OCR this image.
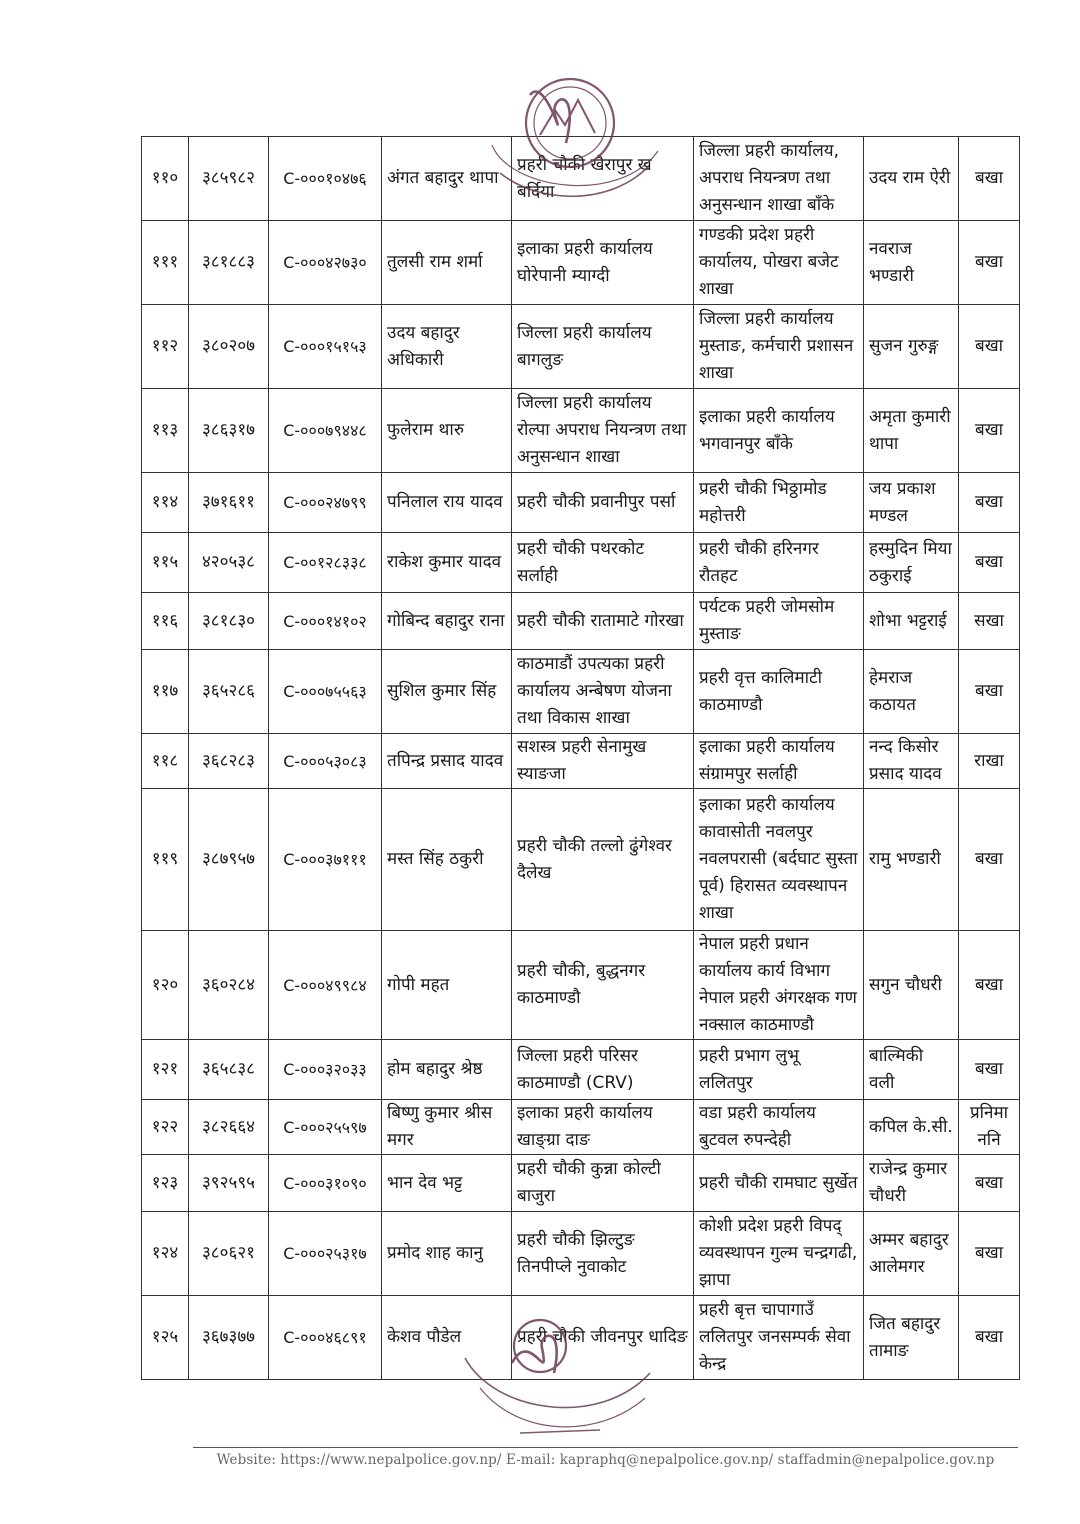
११०	३८५९८२	C-०००१०४७६	अंगत बहादुर थापा	प्रहरी चौकी खैरापुर ख बर्दिया	जिल्ला प्रहरी कार्यालय, अपराध नियन्त्रण तथा अनुसन्धान शाखा बाँके	उदय राम ऐरी	बखा
१११	३८१८८३	C-०००४२७३०	तुलसी राम शर्मा	इलाका प्रहरी कार्यालय घोरेपानी म्याग्दी	गण्डकी प्रदेश प्रहरी कार्यालय, पोखरा बजेट शाखा	नवराज भण्डारी	बखा
११२	३८०२०७	C-०००१५१५३	उदय बहादुर अधिकारी	जिल्ला प्रहरी कार्यालय बागलुङ	जिल्ला प्रहरी कार्यालय मुस्ताङ, कर्मचारी प्रशासन शाखा	सुजन गुरुङ्ग	बखा
११३	३८६३१७	C-०००७९४४८	फुलेराम थारु	जिल्ला प्रहरी कार्यालय रोल्पा अपराध नियन्त्रण तथा अनुसन्धान शाखा	इलाका प्रहरी कार्यालय भगवानपुर बाँके	अमृता कुमारी थापा	बखा
११४	३७१६११	C-०००२४७९९	पनिलाल राय यादव	प्रहरी चौकी प्रवानीपुर पर्सा	प्रहरी चौकी भिठ्ठामोड महोत्तरी	जय प्रकाश मण्डल	बखा
११५	४२०५३८	C-००१२८३३८	राकेश कुमार यादव	प्रहरी चौकी पथरकोट सर्लाही	प्रहरी चौकी हरिनगर रौतहट	हस्मुदिन मिया ठकुराई	बखा
११६	३८१८३०	C-०००१४१०२	गोबिन्द बहादुर राना	प्रहरी चौकी रातामाटे गोरखा	पर्यटक प्रहरी जोमसोम मुस्ताङ	शोभा भट्टराई	सखा
११७	३६५२८६	C-०००७५५६३	सुशिल कुमार सिंह	काठमाडौं उपत्यका प्रहरी कार्यालय अन्बेषण योजना तथा विकास शाखा	प्रहरी वृत्त कालिमाटी काठमाण्डौ	हेमराज कठायत	बखा
११८	३६८२८३	C-०००५३०८३	तपिन्द्र प्रसाद यादव	सशस्त्र प्रहरी सेनामुख स्याङजा	इलाका प्रहरी कार्यालय संग्रामपुर सर्लाही	नन्द किसोर प्रसाद यादव	राखा
११९	३८७९५७	C-०००३७१११	मस्त सिंह ठकुरी	प्रहरी चौकी तल्लो ढुंगेश्वर दैलेख	इलाका प्रहरी कार्यालय कावासोती नवलपुर नवलपरासी (बर्दघाट सुस्ता पूर्व) हिरासत व्यवस्थापन शाखा	रामु भण्डारी	बखा
१२०	३६०२८४	C-०००४९९८४	गोपी महत	प्रहरी चौकी, बुद्धनगर काठमाण्डौ	नेपाल प्रहरी प्रधान कार्यालय कार्य विभाग नेपाल प्रहरी अंगरक्षक गण नक्साल काठमाण्डौ	सगुन चौधरी	बखा
१२१	३६५८३८	C-०००३२०३३	होम बहादुर श्रेष्ठ	जिल्ला प्रहरी परिसर काठमाण्डौ (CRV)	प्रहरी प्रभाग लुभू ललितपुर	बाल्मिकी वली	बखा
१२२	३८२६६४	C-०००२५५९७	बिष्णु कुमार श्रीस मगर	इलाका प्रहरी कार्यालय खाङ्ग्रा दाङ	वडा प्रहरी कार्यालय बुटवल रुपन्देही	कपिल के.सी.	प्रनिमा ननि
१२३	३९२५९५	C-०००३१०९०	भान देव भट्ट	प्रहरी चौकी कुन्ना कोल्टी बाजुरा	प्रहरी चौकी रामघाट सुर्खेत	राजेन्द्र कुमार चौधरी	बखा
१२४	३८०६२१	C-०००२५३१७	प्रमोद शाह कानु	प्रहरी चौकी झिल्टुङ तिनपीप्ले नुवाकोट	कोशी प्रदेश प्रहरी विपद् व्यवस्थापन गुल्म चन्द्रगढी, झापा	अम्मर बहादुर आलेमगर	बखा
१२५	३६७३७७	C-०००४६८९१	केशव पौडेल	प्रहरी चौकी जीवनपुर धादिङ	प्रहरी बृत्त चापागाउँ ललितपुर जनसम्पर्क सेवा केन्द्र	जित बहादुर तामाङ	बखा
Website: https://www.nepalpolice.gov.np/ E-mail: kapraphq@nepalpolice.gov.np/ staffadmin@nepalpolice.gov.np
